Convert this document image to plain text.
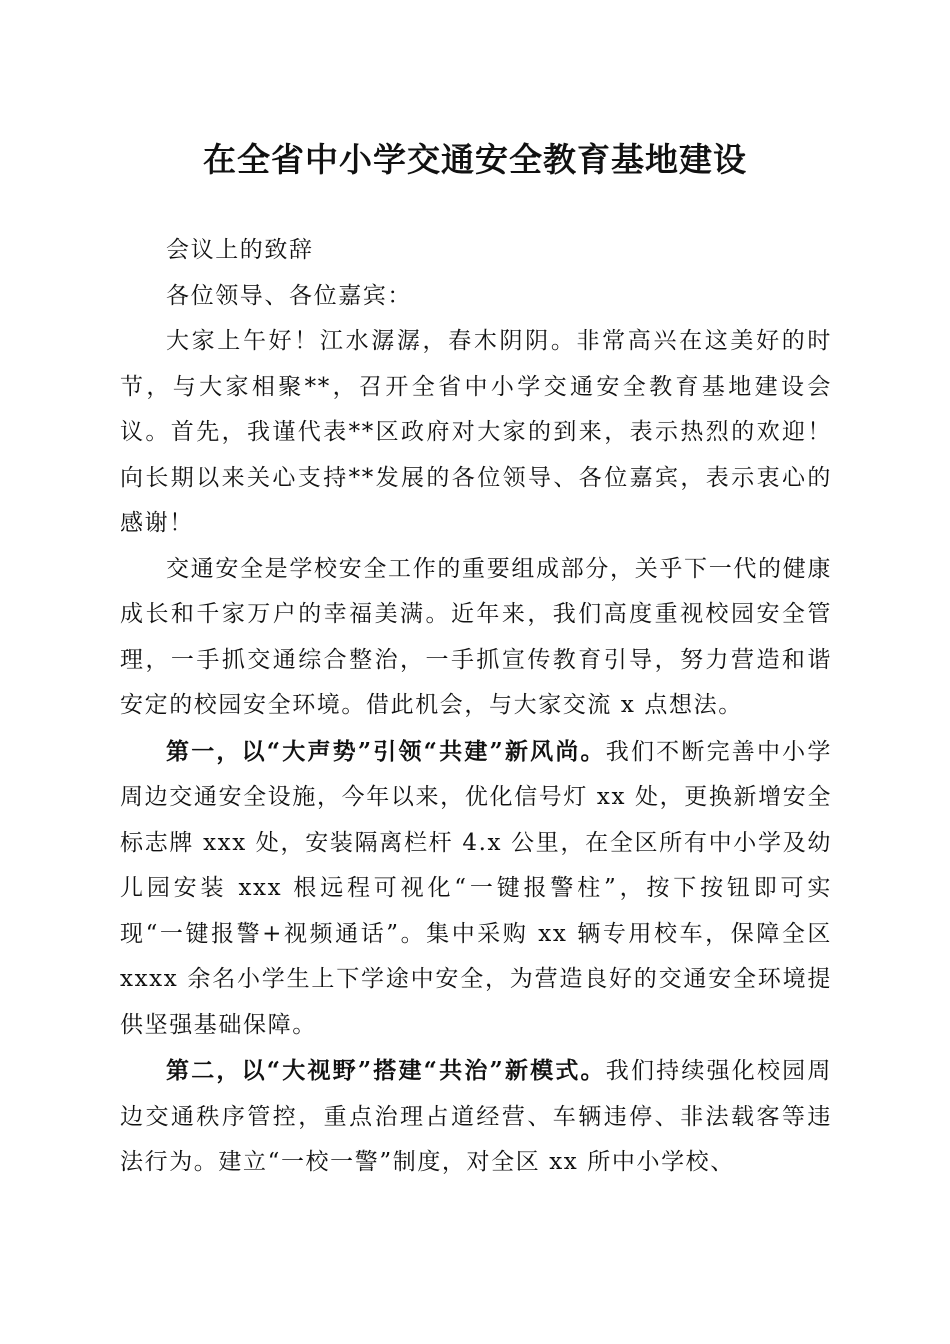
在全省中小学交通安全教育基地建设

会议上的致辞

各位领导、各位嘉宾：

大家上午好！江水潺潺，春木阴阴。非常高兴在这美好的时节，与大家相聚**，召开全省中小学交通安全教育基地建设会议。首先，我谨代表**区政府对大家的到来，表示热烈的欢迎！向长期以来关心支持**发展的各位领导、各位嘉宾，表示衷心的感谢！

交通安全是学校安全工作的重要组成部分，关乎下一代的健康成长和千家万户的幸福美满。近年来，我们高度重视校园安全管理，一手抓交通综合整治，一手抓宣传教育引导，努力营造和谐安定的校园安全环境。借此机会，与大家交流 x 点想法。

第一，以“大声势”引领“共建”新风尚。我们不断完善中小学周边交通安全设施，今年以来，优化信号灯 xx 处，更换新增安全标志牌 xxx 处，安装隔离栏杆 4.x 公里，在全区所有中小学及幼儿园安装 xxx 根远程可视化“一键报警柱”，按下按钮即可实现“一键报警+视频通话”。集中采购 xx 辆专用校车，保障全区 xxxx 余名小学生上下学途中安全，为营造良好的交通安全环境提供坚强基础保障。

第二，以“大视野”搭建“共治”新模式。我们持续强化校园周边交通秩序管控，重点治理占道经营、车辆违停、非法载客等违法行为。建立“一校一警”制度，对全区 xx 所中小学校、
